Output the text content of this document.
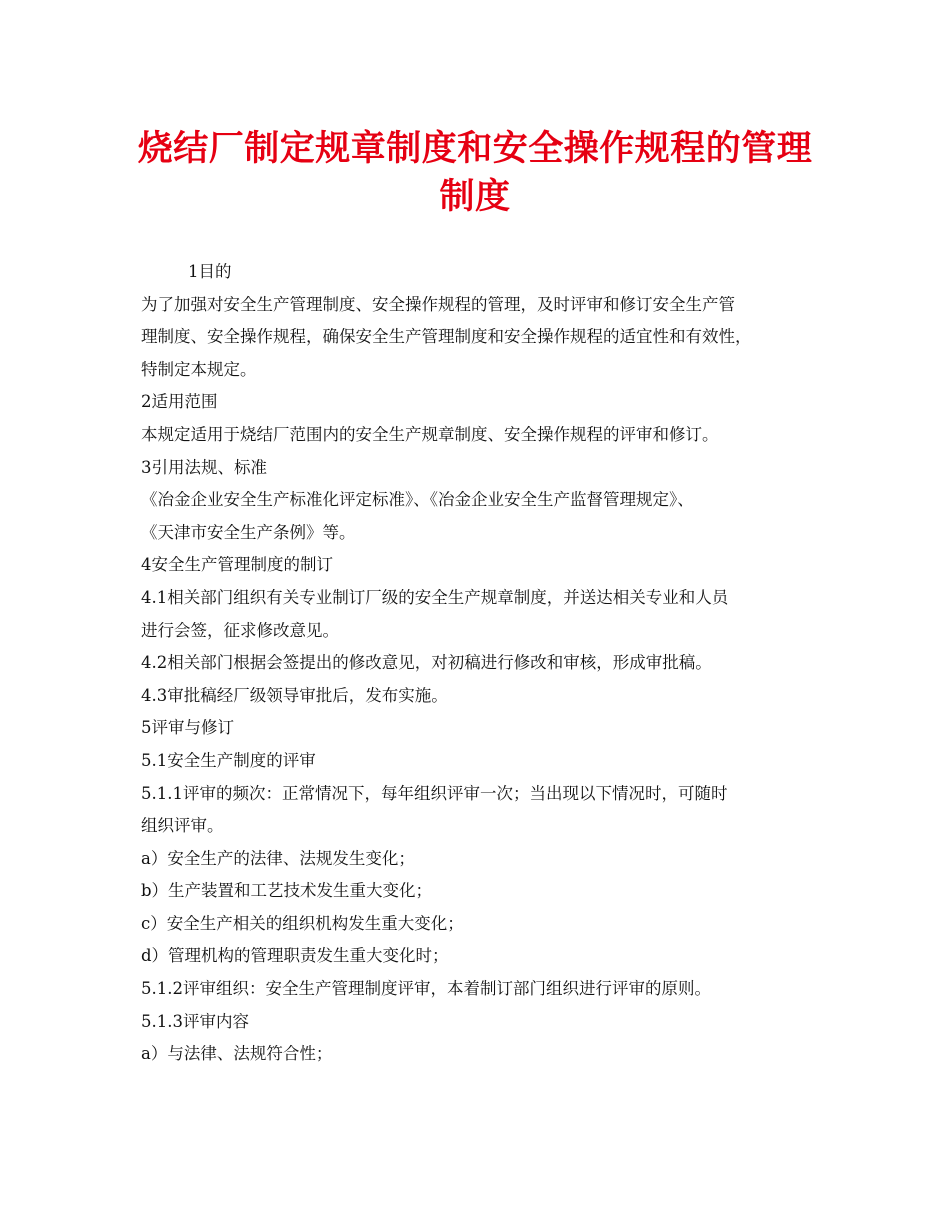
烧结厂制定规章制度和安全操作规程的管理
制度
1目的
为了加强对安全生产管理制度、安全操作规程的管理，及时评审和修订安全生产管
理制度、安全操作规程，确保安全生产管理制度和安全操作规程的适宜性和有效性，
特制定本规定。
2适用范围
本规定适用于烧结厂范围内的安全生产规章制度、安全操作规程的评审和修订。
3引用法规、标准
《冶金企业安全生产标准化评定标准》、《冶金企业安全生产监督管理规定》、
《天津市安全生产条例》等。
4安全生产管理制度的制订
4.1相关部门组织有关专业制订厂级的安全生产规章制度，并送达相关专业和人员
进行会签，征求修改意见。
4.2相关部门根据会签提出的修改意见，对初稿进行修改和审核，形成审批稿。
4.3审批稿经厂级领导审批后，发布实施。
5评审与修订
5.1安全生产制度的评审
5.1.1评审的频次：正常情况下，每年组织评审一次；当出现以下情况时，可随时
组织评审。
a）安全生产的法律、法规发生变化；
b）生产装置和工艺技术发生重大变化；
c）安全生产相关的组织机构发生重大变化；
d）管理机构的管理职责发生重大变化时；
5.1.2评审组织：安全生产管理制度评审，本着制订部门组织进行评审的原则。
5.1.3评审内容
a）与法律、法规符合性；
